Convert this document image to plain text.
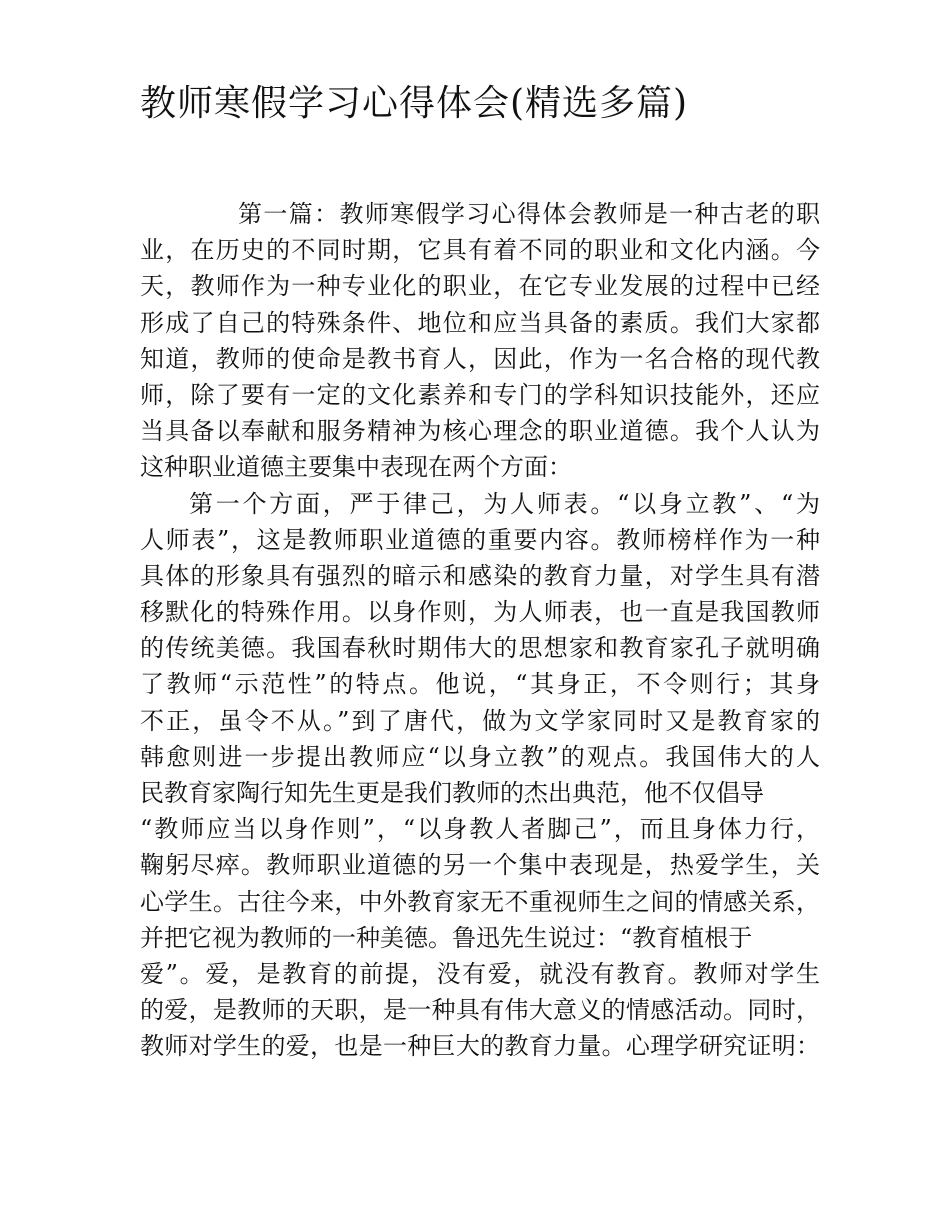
教师寒假学习心得体会(精选多篇)
第一篇：教师寒假学习心得体会教师是一种古老的职
业，在历史的不同时期，它具有着不同的职业和文化内涵。今
天，教师作为一种专业化的职业，在它专业发展的过程中已经
形成了自己的特殊条件、地位和应当具备的素质。我们大家都
知道，教师的使命是教书育人，因此，作为一名合格的现代教
师，除了要有一定的文化素养和专门的学科知识技能外，还应
当具备以奉献和服务精神为核心理念的职业道德。我个人认为
这种职业道德主要集中表现在两个方面：
第一个方面，严于律己，为人师表。“以身立教”、“为
人师表”，这是教师职业道德的重要内容。教师榜样作为一种
具体的形象具有强烈的暗示和感染的教育力量，对学生具有潜
移默化的特殊作用。以身作则，为人师表，也一直是我国教师
的传统美德。我国春秋时期伟大的思想家和教育家孔子就明确
了教师“示范性”的特点。他说，“其身正，不令则行；其身
不正，虽令不从。”到了唐代，做为文学家同时又是教育家的
韩愈则进一步提出教师应“以身立教”的观点。我国伟大的人
民教育家陶行知先生更是我们教师的杰出典范，他不仅倡导
“教师应当以身作则”，“以身教人者脚己”，而且身体力行，
鞠躬尽瘁。教师职业道德的另一个集中表现是，热爱学生，关
心学生。古往今来，中外教育家无不重视师生之间的情感关系，
并把它视为教师的一种美德。鲁迅先生说过：“教育植根于
爱”。爱，是教育的前提，没有爱，就没有教育。教师对学生
的爱，是教师的天职，是一种具有伟大意义的情感活动。同时，
教师对学生的爱，也是一种巨大的教育力量。心理学研究证明：
